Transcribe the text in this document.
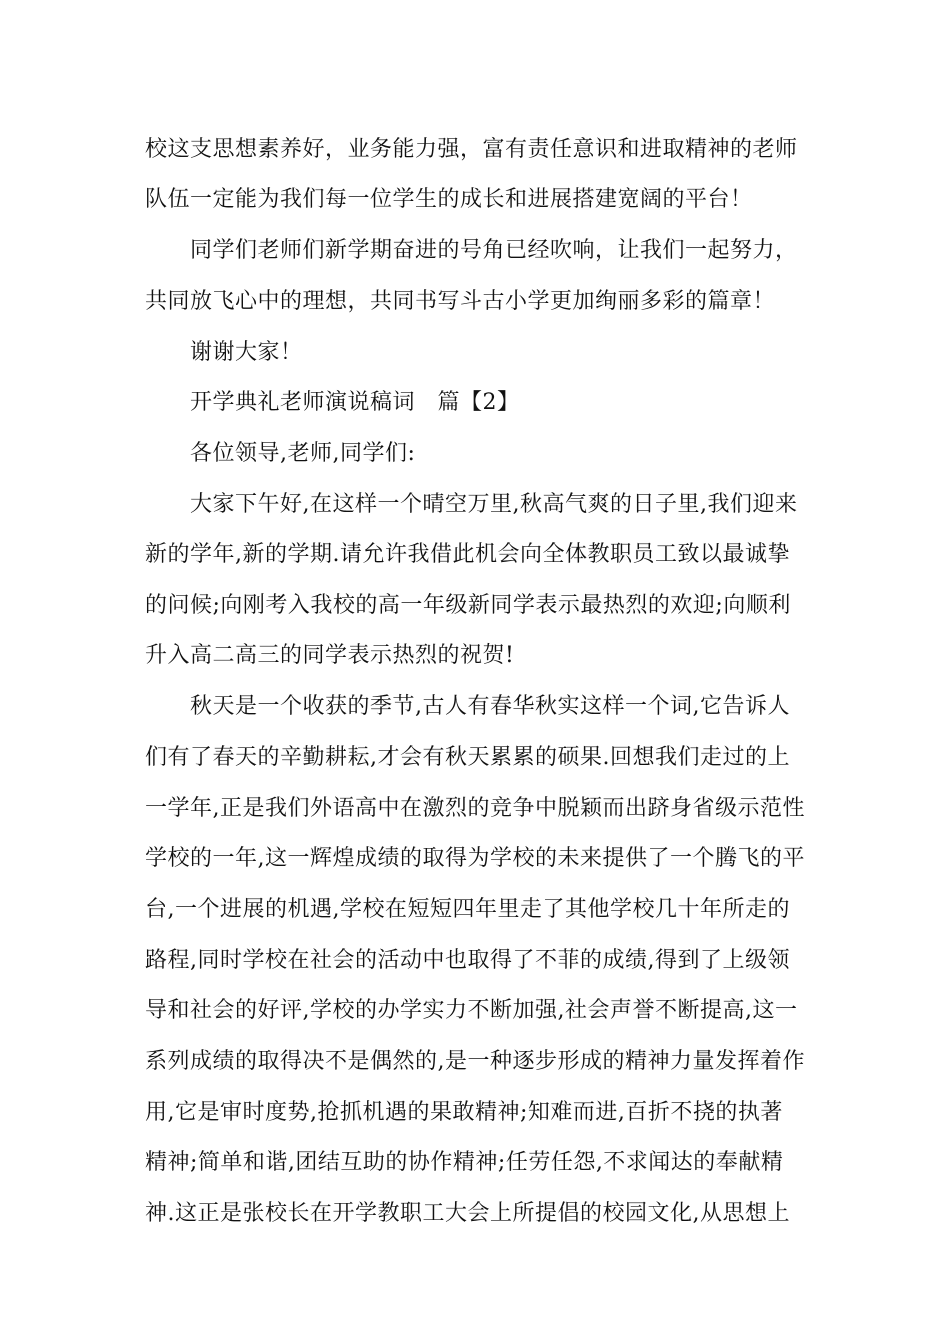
校这支思想素养好，业务能力强，富有责任意识和进取精神的老师
队伍一定能为我们每一位学生的成长和进展搭建宽阔的平台！
同学们老师们新学期奋进的号角已经吹响，让我们一起努力，
共同放飞心中的理想，共同书写斗古小学更加绚丽多彩的篇章！
谢谢大家！
开学典礼老师演说稿词　篇【2】
各位领导,老师,同学们:
大家下午好,在这样一个晴空万里,秋高气爽的日子里,我们迎来
新的学年,新的学期.请允许我借此机会向全体教职员工致以最诚挚
的问候;向刚考入我校的高一年级新同学表示最热烈的欢迎;向顺利
升入高二高三的同学表示热烈的祝贺!
秋天是一个收获的季节,古人有春华秋实这样一个词,它告诉人
们有了春天的辛勤耕耘,才会有秋天累累的硕果.回想我们走过的上
一学年,正是我们外语高中在激烈的竞争中脱颖而出跻身省级示范性
学校的一年,这一辉煌成绩的取得为学校的未来提供了一个腾飞的平
台,一个进展的机遇,学校在短短四年里走了其他学校几十年所走的
路程,同时学校在社会的活动中也取得了不菲的成绩,得到了上级领
导和社会的好评,学校的办学实力不断加强,社会声誉不断提高,这一
系列成绩的取得决不是偶然的,是一种逐步形成的精神力量发挥着作
用,它是审时度势,抢抓机遇的果敢精神;知难而进,百折不挠的执著
精神;简单和谐,团结互助的协作精神;任劳任怨,不求闻达的奉献精
神.这正是张校长在开学教职工大会上所提倡的校园文化,从思想上
